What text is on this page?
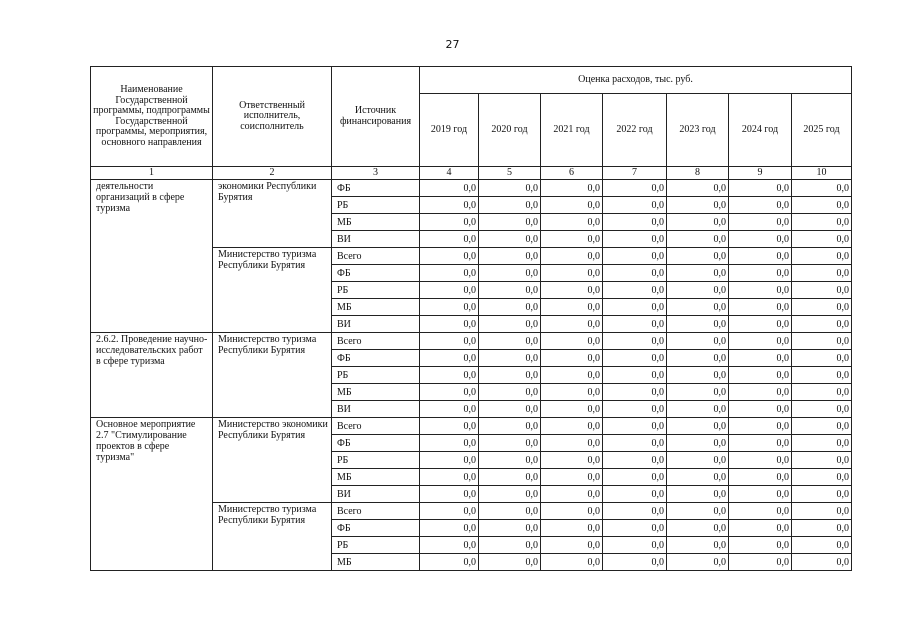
27
Наименование Государственной программы, подпрограммы Государственной программы, мероприятия, основного направления	Ответственный исполнитель, соисполнитель	Источник финансирования	Оценка расходов, тыс. руб.						
			2019 год	2020 год	2021 год	2022 год	2023 год	2024 год	2025 год
1	2	3	4	5	6	7	8	9	10
деятельности организаций в сфере туризма	экономики Республики Бурятия	ФБ	0,0	0,0	0,0	0,0	0,0	0,0	0,0
		РБ	0,0	0,0	0,0	0,0	0,0	0,0	0,0
		МБ	0,0	0,0	0,0	0,0	0,0	0,0	0,0
		ВИ	0,0	0,0	0,0	0,0	0,0	0,0	0,0
	Министерство туризма Республики Бурятия	Всего	0,0	0,0	0,0	0,0	0,0	0,0	0,0
		ФБ	0,0	0,0	0,0	0,0	0,0	0,0	0,0
		РБ	0,0	0,0	0,0	0,0	0,0	0,0	0,0
		МБ	0,0	0,0	0,0	0,0	0,0	0,0	0,0
		ВИ	0,0	0,0	0,0	0,0	0,0	0,0	0,0
2.6.2. Проведение научно-исследовательских работ в сфере туризма	Министерство туризма Республики Бурятия	Всего	0,0	0,0	0,0	0,0	0,0	0,0	0,0
		ФБ	0,0	0,0	0,0	0,0	0,0	0,0	0,0
		РБ	0,0	0,0	0,0	0,0	0,0	0,0	0,0
		МБ	0,0	0,0	0,0	0,0	0,0	0,0	0,0
		ВИ	0,0	0,0	0,0	0,0	0,0	0,0	0,0
Основное мероприятие 2.7 "Стимулирование проектов в сфере туризма"	Министерство экономики Республики Бурятия	Всего	0,0	0,0	0,0	0,0	0,0	0,0	0,0
		ФБ	0,0	0,0	0,0	0,0	0,0	0,0	0,0
		РБ	0,0	0,0	0,0	0,0	0,0	0,0	0,0
		МБ	0,0	0,0	0,0	0,0	0,0	0,0	0,0
		ВИ	0,0	0,0	0,0	0,0	0,0	0,0	0,0
	Министерство туризма Республики Бурятия	Всего	0,0	0,0	0,0	0,0	0,0	0,0	0,0
		ФБ	0,0	0,0	0,0	0,0	0,0	0,0	0,0
		РБ	0,0	0,0	0,0	0,0	0,0	0,0	0,0
		МБ	0,0	0,0	0,0	0,0	0,0	0,0	0,0
